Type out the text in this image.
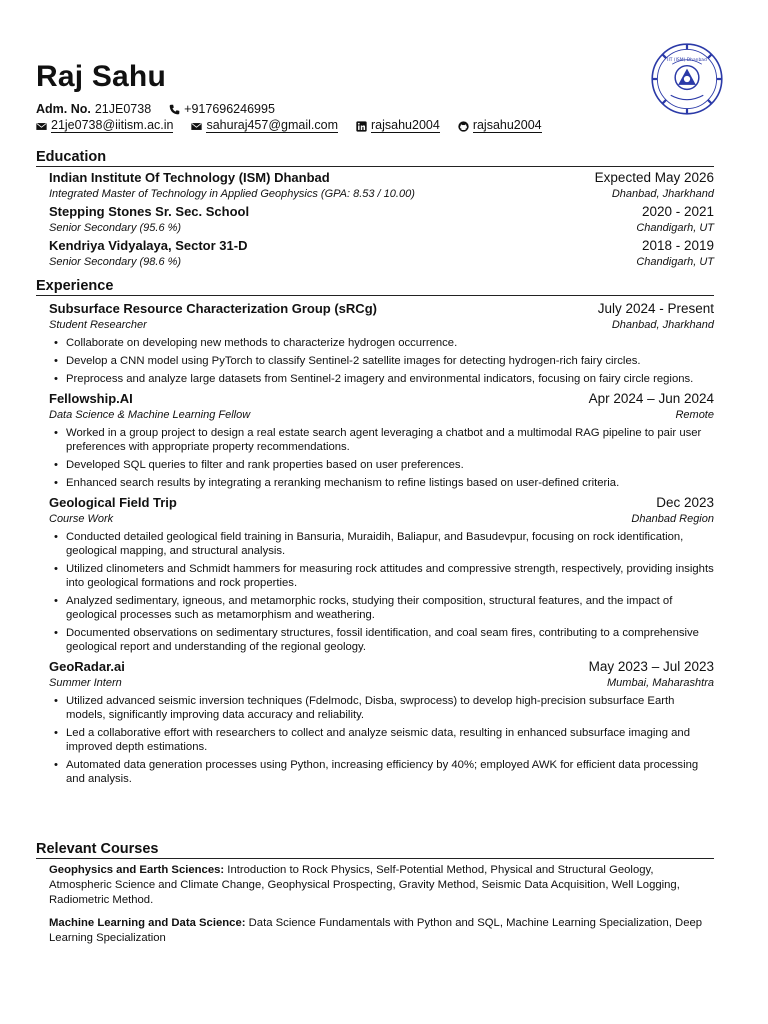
Raj Sahu	IIT (ISM) Dhanbad
Adm. No. 21JE0738	+917696246995
21je0738@iitism.ac.in	sahuraj457@gmail.com	rajsahu2004	rajsahu2004
Education
Indian Institute Of Technology (ISM) Dhanbad	Expected May 2026
Integrated Master of Technology in Applied Geophysics (GPA: 8.53 / 10.00)	Dhanbad, Jharkhand
Stepping Stones Sr. Sec. School	2020 - 2021
Senior Secondary (95.6 %)	Chandigarh, UT
Kendriya Vidyalaya, Sector 31-D	2018 - 2019
Senior Secondary (98.6 %)	Chandigarh, UT
Experience
Subsurface Resource Characterization Group (sRCg)	July 2024 - Present
Student Researcher	Dhanbad, Jharkhand
• Collaborate on developing new methods to characterize hydrogen occurrence.
• Develop a CNN model using PyTorch to classify Sentinel-2 satellite images for detecting hydrogen-rich fairy circles.
• Preprocess and analyze large datasets from Sentinel-2 imagery and environmental indicators, focusing on fairy circle regions.
Fellowship.AI	Apr 2024 – Jun 2024
Data Science & Machine Learning Fellow	Remote
• Worked in a group project to design a real estate search agent leveraging a chatbot and a multimodal RAG pipeline to pair user preferences with appropriate property recommendations.
• Developed SQL queries to filter and rank properties based on user preferences.
• Enhanced search results by integrating a reranking mechanism to refine listings based on user-defined criteria.
Geological Field Trip	Dec 2023
Course Work	Dhanbad Region
• Conducted detailed geological field training in Bansuria, Muraidih, Baliapur, and Basudevpur, focusing on rock identification, geological mapping, and structural analysis.
• Utilized clinometers and Schmidt hammers for measuring rock attitudes and compressive strength, respectively, providing insights into geological formations and rock properties.
• Analyzed sedimentary, igneous, and metamorphic rocks, studying their composition, structural features, and the impact of geological processes such as metamorphism and weathering.
• Documented observations on sedimentary structures, fossil identification, and coal seam fires, contributing to a comprehensive geological report and understanding of the regional geology.
GeoRadar.ai	May 2023 – Jul 2023
Summer Intern	Mumbai, Maharashtra
• Utilized advanced seismic inversion techniques (Fdelmodc, Disba, swprocess) to develop high-precision subsurface Earth models, significantly improving data accuracy and reliability.
• Led a collaborative effort with researchers to collect and analyze seismic data, resulting in enhanced subsurface imaging and improved depth estimations.
• Automated data generation processes using Python, increasing efficiency by 40%; employed AWK for efficient data processing and analysis.
Relevant Courses
Geophysics and Earth Sciences: Introduction to Rock Physics, Self-Potential Method, Physical and Structural Geology, Atmospheric Science and Climate Change, Geophysical Prospecting, Gravity Method, Seismic Data Acquisition, Well Logging, Radiometric Method.
Machine Learning and Data Science: Data Science Fundamentals with Python and SQL, Machine Learning Specialization, Deep Learning Specialization
